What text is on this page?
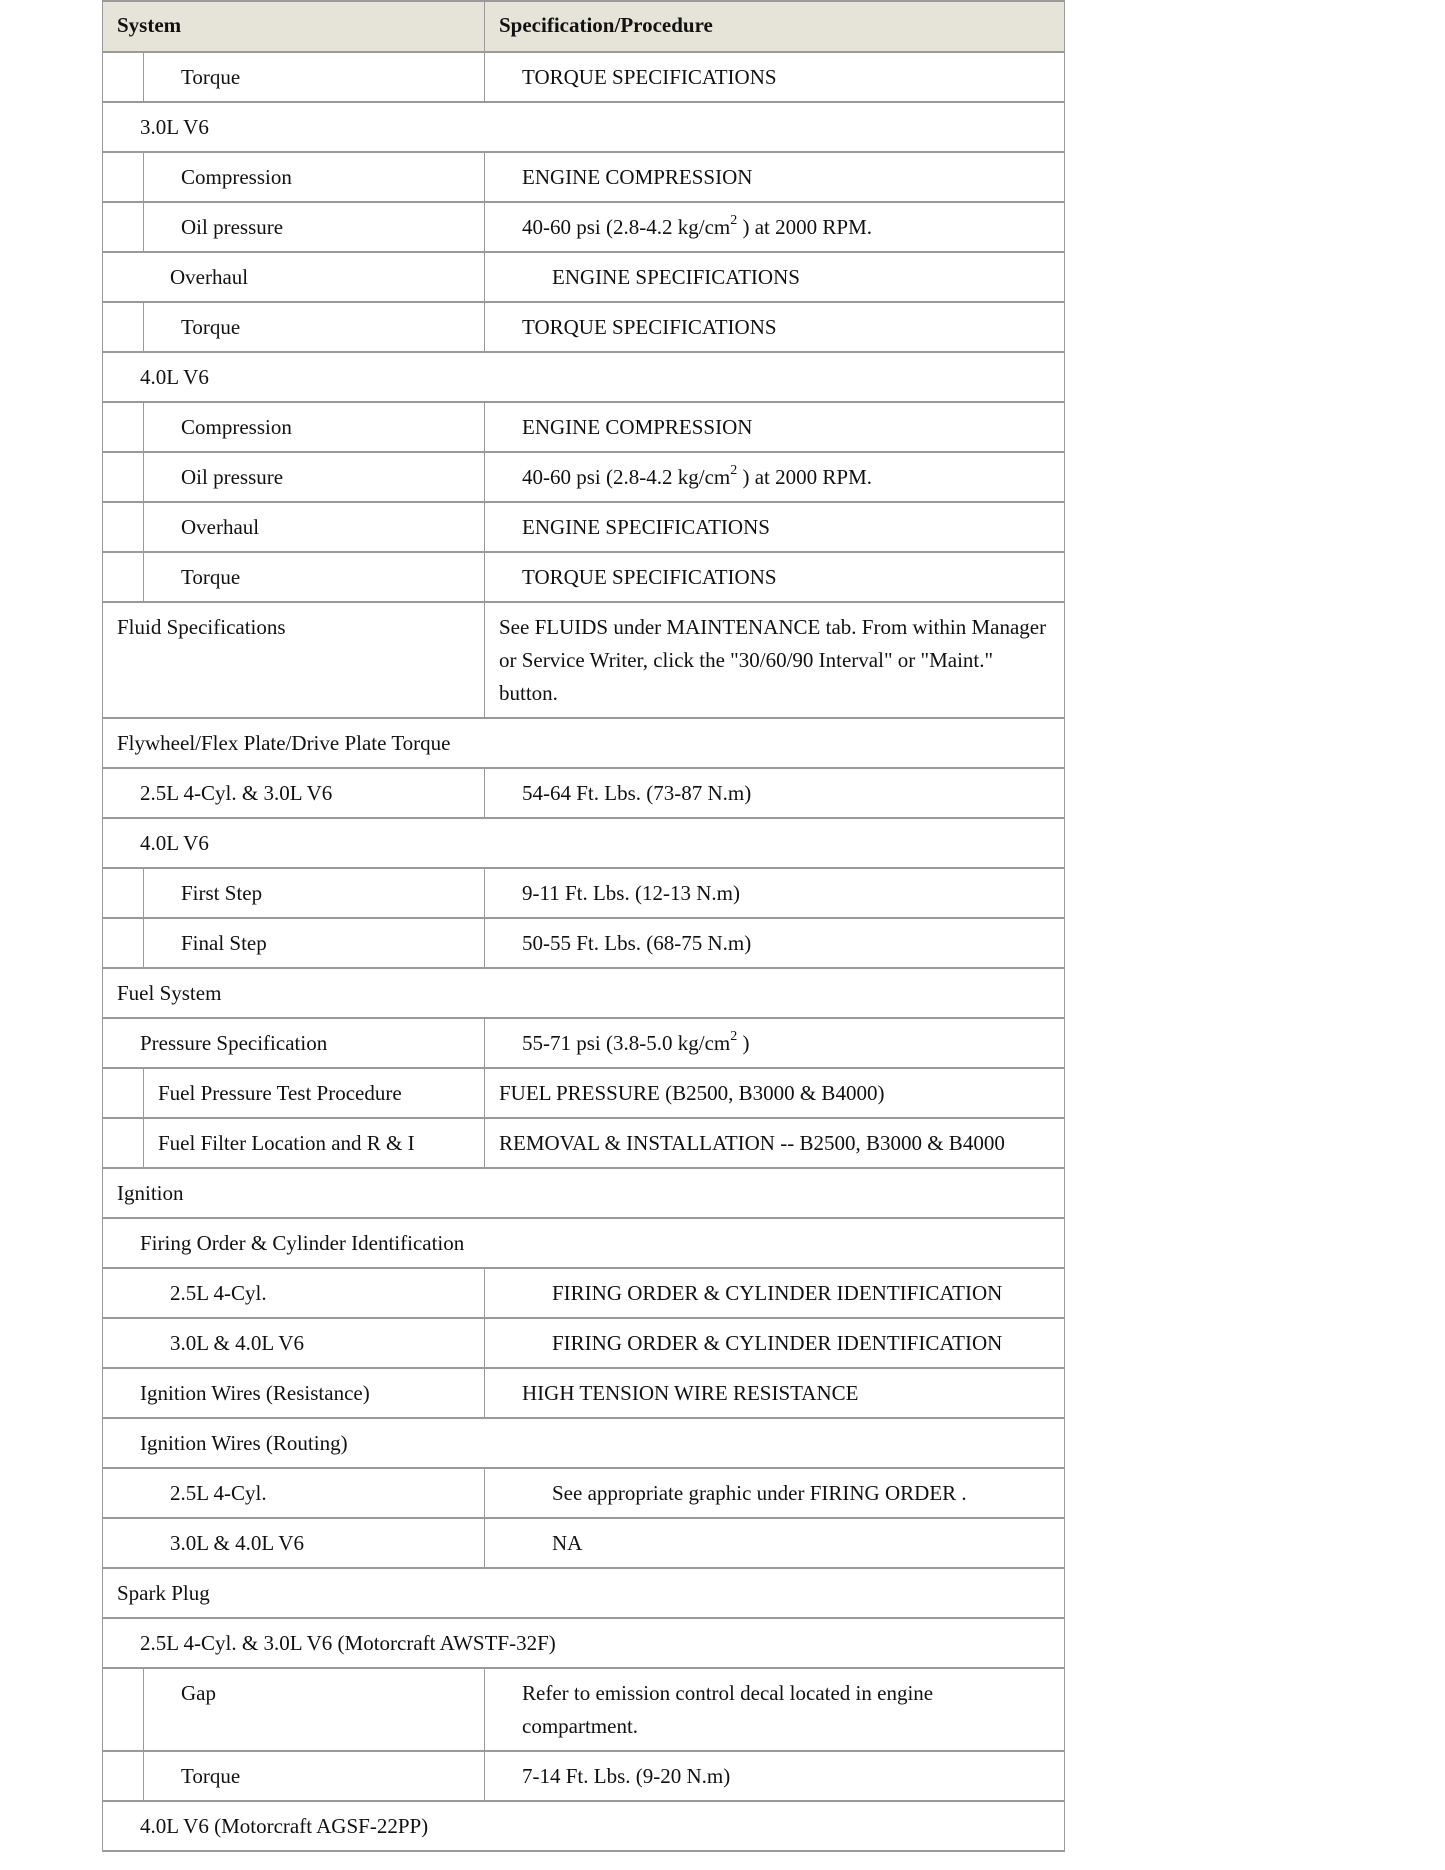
System	Specification/Procedure
Torque	TORQUE SPECIFICATIONS
3.0L V6
Compression	ENGINE COMPRESSION
Oil pressure	40-60 psi (2.8-4.2 $kg/cm^2$ ) at 2000 RPM.
Overhaul	ENGINE SPECIFICATIONS
Torque	TORQUE SPECIFICATIONS
4.0L V6
Compression	ENGINE COMPRESSION
Oil pressure	40-60 psi (2.8-4.2 $kg/cm^2$ ) at 2000 RPM.
Overhaul	ENGINE SPECIFICATIONS
Torque	TORQUE SPECIFICATIONS
Fluid Specifications	See FLUIDS under MAINTENANCE tab. From within Manager or Service Writer, click the "30/60/90 Interval" or "Maint." button.
Flywheel/Flex Plate/Drive Plate Torque
2.5L 4-Cyl. & 3.0L V6	54-64 Ft. Lbs. (73-87 N.m)
4.0L V6
First Step	9-11 Ft. Lbs. (12-13 N.m)
Final Step	50-55 Ft. Lbs. (68-75 N.m)
Fuel System
Pressure Specification	55-71 psi (3.8-5.0 $kg/cm^2$ )
Fuel Pressure Test Procedure	FUEL PRESSURE (B2500, B3000 & B4000)
Fuel Filter Location and R & I	REMOVAL & INSTALLATION -- B2500, B3000 & B4000
Ignition
Firing Order & Cylinder Identification
2.5L 4-Cyl.	FIRING ORDER & CYLINDER IDENTIFICATION
3.0L & 4.0L V6	FIRING ORDER & CYLINDER IDENTIFICATION
Ignition Wires (Resistance)	HIGH TENSION WIRE RESISTANCE
Ignition Wires (Routing)
2.5L 4-Cyl.	See appropriate graphic under FIRING ORDER .
3.0L & 4.0L V6	NA
Spark Plug
2.5L 4-Cyl. & 3.0L V6 (Motorcraft AWSTF-32F)
Gap	Refer to emission control decal located in engine compartment.
Torque	7-14 Ft. Lbs. (9-20 N.m)
4.0L V6 (Motorcraft AGSF-22PP)
